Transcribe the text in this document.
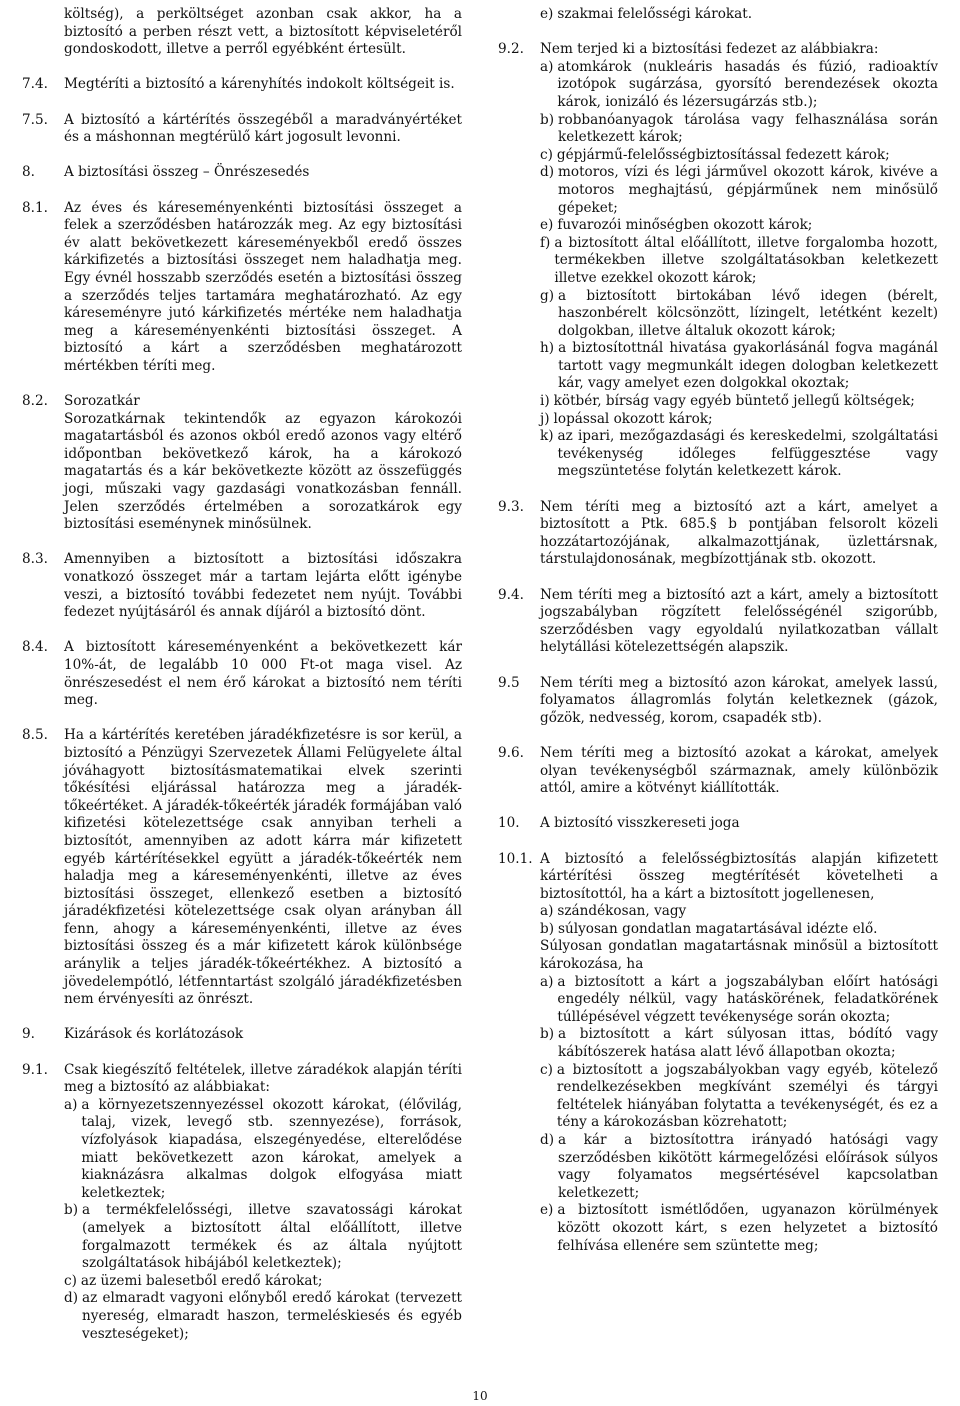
költség), a perköltséget azonban csak akkor, ha a biztosító a perben részt vett, a biztosított képviseletéről gondoskodott, illetve a perről egyébként értesült.

7.4.	Megtéríti a biztosító a kárenyhítés indokolt költségeit is.

7.5.	A biztosító a kártérítés összegéből a maradványértéket és a máshonnan megtérülő kárt jogosult levonni.

8.	A biztosítási összeg – Önrészesedés

8.1.	Az éves és káreseményenkénti biztosítási összeget a felek a szerződésben határozzák meg. Az egy biztosítási év alatt bekövetkezett káreseményekből eredő összes kárkifizetés a biztosítási összeget nem haladhatja meg. Egy évnél hosszabb szerződés esetén a biztosítási összeg a szerződés teljes tartamára meghatározható. Az egy káreseményre jutó kárkifizetés mértéke nem haladhatja meg a káreseményenkénti biztosítási összeget. A biztosító a kárt a szerződésben meghatározott mértékben téríti meg.

8.2.	Sorozatkár

Sorozatkárnak tekintendők az egyazon károkozói magatartásból és azonos okból eredő azonos vagy eltérő időpontban bekövetkező károk, ha a károkozó magatartás és a kár bekövetkezte között az összefüggés jogi, műszaki vagy gazdasági vonatkozásban fennáll. Jelen szerződés értelmében a sorozatkárok egy biztosítási eseménynek minősülnek.

8.3.	Amennyiben a biztosított a biztosítási időszakra vonatkozó összeget már a tartam lejárta előtt igénybe veszi, a biztosító további fedezetet nem nyújt. További fedezet nyújtásáról és annak díjáról a biztosító dönt.

8.4.	A biztosított káreseményenként a bekövetkezett kár 10%-át, de legalább 10 000 Ft-ot maga visel. Az önrészesedést el nem érő károkat a biztosító nem téríti meg.

8.5.	Ha a kártérítés keretében járadékfizetésre is sor kerül, a biztosító a Pénzügyi Szervezetek Állami Felügyelete által jóváhagyott biztosításmatematikai elvek szerinti tőkésítési eljárással határozza meg a járadék-tőkeértéket. A járadék-tőkeérték járadék formájában való kifizetési kötelezettsége csak annyiban terheli a biztosítót, amennyiben az adott kárra már kifizetett egyéb kártérítésekkel együtt a járadék-tőkeérték nem haladja meg a káreseményenkénti, illetve az éves biztosítási összeget, ellenkező esetben a biztosító járadékfizetési kötelezettsége csak olyan arányban áll fenn, ahogy a káreseményenkénti, illetve az éves biztosítási összeg és a már kifizetett károk különbsége aránylik a teljes járadék-tőkeértékhez. A biztosító a jövedelempótló, létfenntartást szolgáló járadékfizetésben nem érvényesíti az önrészt.

9.	Kizárások és korlátozások

9.1.	Csak kiegészítő feltételek, illetve záradékok alapján téríti meg a biztosító az alábbiakat:

a) a környezetszennyezéssel okozott károkat, (élővilág, talaj, vizek, levegő stb. szennyezése), források, vízfolyások kiapadása, elszegényedése, elterelődése miatt bekövetkezett azon károkat, amelyek a kiaknázásra alkalmas dolgok elfogyása miatt keletkeztek;
b) a termékfelelősségi, illetve szavatossági károkat (amelyek a biztosított által előállított, illetve forgalmazott termékek és az általa nyújtott szolgáltatások hibájából keletkeztek);
c) az üzemi balesetből eredő károkat;
d) az elmaradt vagyoni előnyből eredő károkat (tervezett nyereség, elmaradt haszon, termeléskiesés és egyéb veszteségeket);
e) szakmai felelősségi károkat.
9.2.	Nem terjed ki a biztosítási fedezet az alábbiakra:

a) atomkárok (nukleáris hasadás és fúzió, radioaktív izotópok sugárzása, gyorsító berendezések okozta károk, ionizáló és lézersugárzás stb.);
b) robbanóanyagok tárolása vagy felhasználása során keletkezett károk;
c) gépjármű-felelősségbiztosítással fedezett károk;
d) motoros, vízi és légi járművel okozott károk, kivéve a motoros meghajtású, gépjárműnek nem minősülő gépeket;
e) fuvarozói minőségben okozott károk;
f) a biztosított által előállított, illetve forgalomba hozott, termékekben illetve szolgáltatásokban keletkezett illetve ezekkel okozott károk;
g) a biztosított birtokában lévő idegen (bérelt, haszonbérelt kölcsönzött, lízingelt, letétként kezelt) dolgokban, illetve általuk okozott károk;
h) a biztosítottnál hivatása gyakorlásánál fogva magánál tartott vagy megmunkált idegen dologban keletkezett kár, vagy amelyet ezen dolgokkal okoztak;
i) kötbér, bírság vagy egyéb büntető jellegű költségek;
j) lopással okozott károk;
k) az ipari, mezőgazdasági és kereskedelmi, szolgáltatási tevékenység időleges felfüggesztése vagy megszüntetése folytán keletkezett károk.
9.3.	Nem téríti meg a biztosító azt a kárt, amelyet a biztosított a Ptk. 685.§ b pontjában felsorolt közeli hozzátartozójának, alkalmazottjának, üzlettársnak, társtulajdonosának, megbízottjának stb. okozott.

9.4.	Nem téríti meg a biztosító azt a kárt, amely a biztosított jogszabályban rögzített felelősségénél szigorúbb, szerződésben vagy egyoldalú nyilatkozatban vállalt helytállási kötelezettségén alapszik.

9.5	Nem téríti meg a biztosító azon károkat, amelyek lassú, folyamatos állagromlás folytán keletkeznek (gázok, gőzök, nedvesség, korom, csapadék stb).

9.6.	Nem téríti meg a biztosító azokat a károkat, amelyek olyan tevékenységből származnak, amely különbözik attól, amire a kötvényt kiállították.

10.	A biztosító visszkereseti joga

10.1. A biztosító a felelősségbiztosítás alapján kifizetett kártérítési összeg megtérítését követelheti a biztosítottól, ha a kárt a biztosított jogellenesen,

a) szándékosan, vagy
b) súlyosan gondatlan magatartásával idézte elő.

Súlyosan gondatlan magatartásnak minősül a biztosított károkozása, ha

a) a biztosított a kárt a jogszabályban előírt hatósági engedély nélkül, vagy hatáskörének, feladatkörének túllépésével végzett tevékenysége során okozta;
b) a biztosított a kárt súlyosan ittas, bódító vagy kábítószerek hatása alatt lévő állapotban okozta;
c) a biztosított a jogszabályokban vagy egyéb, kötelező rendelkezésekben megkívánt személyi és tárgyi feltételek hiányában folytatta a tevékenységét, és ez a tény a károkozásban közrehatott;
d) a kár a biztosítottra irányadó hatósági vagy szerződésben kikötött kármegelőzési előírások súlyos vagy folyamatos megsértésével kapcsolatban keletkezett;
e) a biztosított ismétlődően, ugyanazon körülmények között okozott kárt, s ezen helyzetet a biztosító felhívása ellenére sem szüntette meg;
10
